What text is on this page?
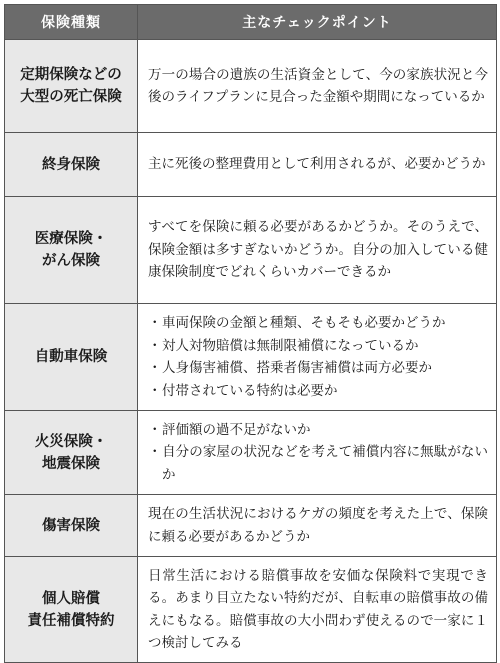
保険種類	主なチェックポイント

定期保険などの
大型の死亡保険	万一の場合の遺族の生活資金として、今の家族状況と今後のライフプランに見合った金額や期間になっているか

終身保険	主に死後の整理費用として利用されるが、必要かどうか

医療保険・
がん保険	すべてを保険に頼る必要があるかどうか。そのうえで、保険金額は多すぎないかどうか。自分の加入している健康保険制度でどれくらいカバーできるか

自動車保険	・ 車両保険の金額と種類、そもそも必要かどうか
・ 対人対物賠償は無制限補償になっているか
・ 人身傷害補償、搭乗者傷害補償は両方必要か
・ 付帯されている特約は必要か

火災保険・
地震保険	・ 評価額の過不足がないか
・ 自分の家屋の状況などを考えて補償内容に無駄がないか

傷害保険	現在の生活状況におけるケガの頻度を考えた上で、保険に頼る必要があるかどうか

個人賠償
責任補償特約	日常生活における賠償事故を安価な保険料で実現できる。あまり目立たない特約だが、自転車の賠償事故の備えにもなる。賠償事故の大小問わず使えるので一家に１つ検討してみる
